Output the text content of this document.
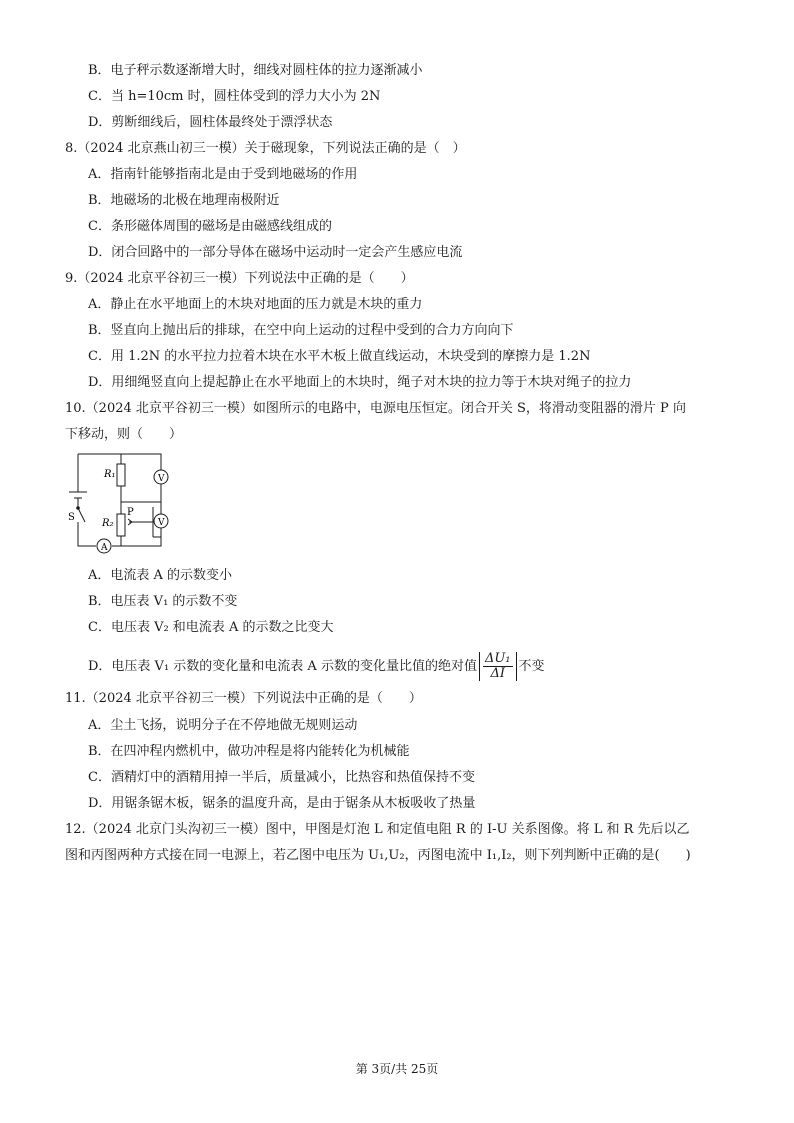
B．电子秤示数逐渐增大时，细线对圆柱体的拉力逐渐减小
C．当 h=10cm 时，圆柱体受到的浮力大小为 2N
D．剪断细线后，圆柱体最终处于漂浮状态
8.（2024 北京燕山初三一模）关于磁现象，下列说法正确的是（　）
A．指南针能够指南北是由于受到地磁场的作用
B．地磁场的北极在地理南极附近
C．条形磁体周围的磁场是由磁感线组成的
D．闭合回路中的一部分导体在磁场中运动时一定会产生感应电流
9.（2024 北京平谷初三一模）下列说法中正确的是（　　）
A．静止在水平地面上的木块对地面的压力就是木块的重力
B．竖直向上抛出后的排球，在空中向上运动的过程中受到的合力方向向下
C．用 1.2N 的水平拉力拉着木块在水平木板上做直线运动，木块受到的摩擦力是 1.2N
D．用细绳竖直向上提起静止在水平地面上的木块时，绳子对木块的拉力等于木块对绳子的拉力
10.（2024 北京平谷初三一模）如图所示的电路中，电源电压恒定。闭合开关 S，将滑动变阻器的滑片 P 向
下移动，则（　　）
R₁
R₂
P
S
V
V
A
A．电流表 A 的示数变小
B．电压表 V₁ 的示数不变
C．电压表 V₂ 和电流表 A 的示数之比变大
D．电压表 V₁ 示数的变化量和电流表 A 示数的变化量比值的绝对值 $\frac{\text{ΔU₁}}{\Delta I}$ 不变
11.（2024 北京平谷初三一模）下列说法中正确的是（　　）
A．尘土飞扬，说明分子在不停地做无规则运动
B．在四冲程内燃机中，做功冲程是将内能转化为机械能
C．酒精灯中的酒精用掉一半后，质量减小，比热容和热值保持不变
D．用锯条锯木板，锯条的温度升高，是由于锯条从木板吸收了热量
12.（2024 北京门头沟初三一模）图中，甲图是灯泡 L 和定值电阻 R 的 I-U 关系图像。将 L 和 R 先后以乙
图和丙图两种方式接在同一电源上，若乙图中电压为 U₁,U₂，丙图电流中 I₁,I₂，则下列判断中正确的是(　　)
第 3页/共 25页
